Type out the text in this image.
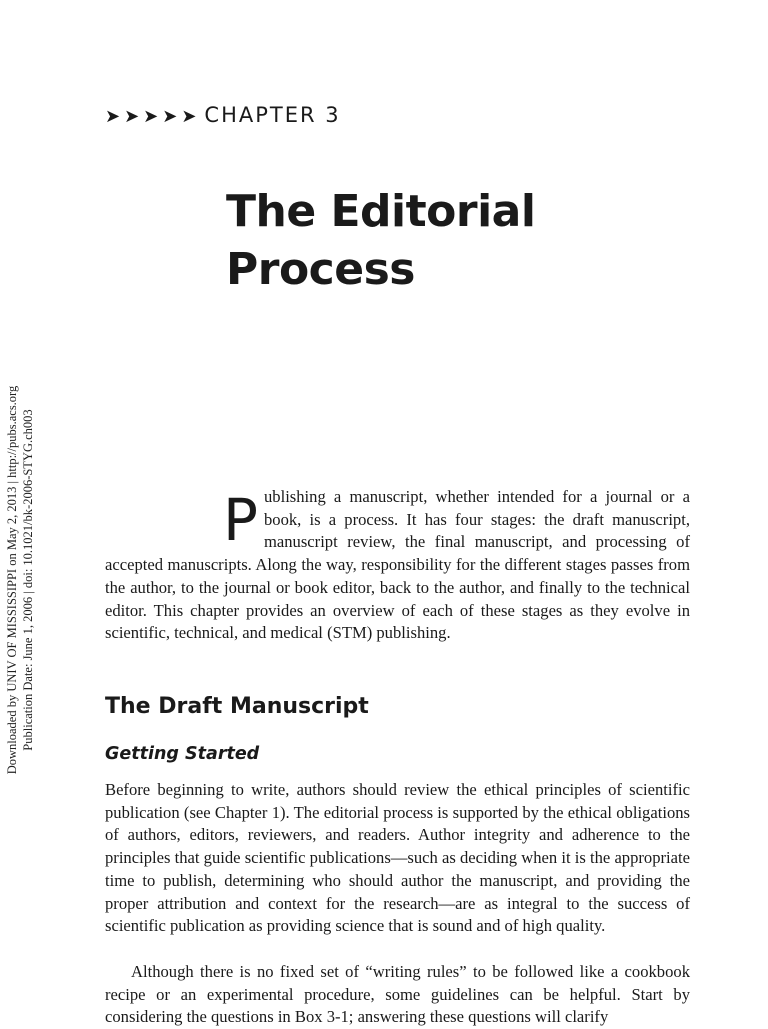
Downloaded by UNIV OF MISSISSIPPI on May 2, 2013 | http://pubs.acs.org Publication Date: June 1, 2006 | doi: 10.1021/bk-2006-STYG.ch003
➤➤➤➤➤ CHAPTER 3
The Editorial
Process

Publishing a manuscript, whether intended for a journal or a book, is a process. It has four stages: the draft manuscript, manuscript review, the final manuscript, and processing of accepted manuscripts. Along the way, responsibility for the different stages passes from the author, to the journal or book editor, back to the author, and finally to the technical editor. This chapter provides an overview of each of these stages as they evolve in scientific, technical, and medical (STM) publishing.

The Draft Manuscript
Getting Started

Before beginning to write, authors should review the ethical principles of scientific publication (see Chapter 1). The editorial process is supported by the ethical obligations of authors, editors, reviewers, and readers. Author integrity and adherence to the principles that guide scientific publications—such as deciding when it is the appropriate time to publish, determining who should author the manuscript, and providing the proper attribution and context for the research—are as integral to the success of scientific publication as providing science that is sound and of high quality.

Although there is no fixed set of “writing rules” to be followed like a cookbook recipe or an experimental procedure, some guidelines can be helpful. Start by considering the questions in Box 3-1; answering these questions will clarify
